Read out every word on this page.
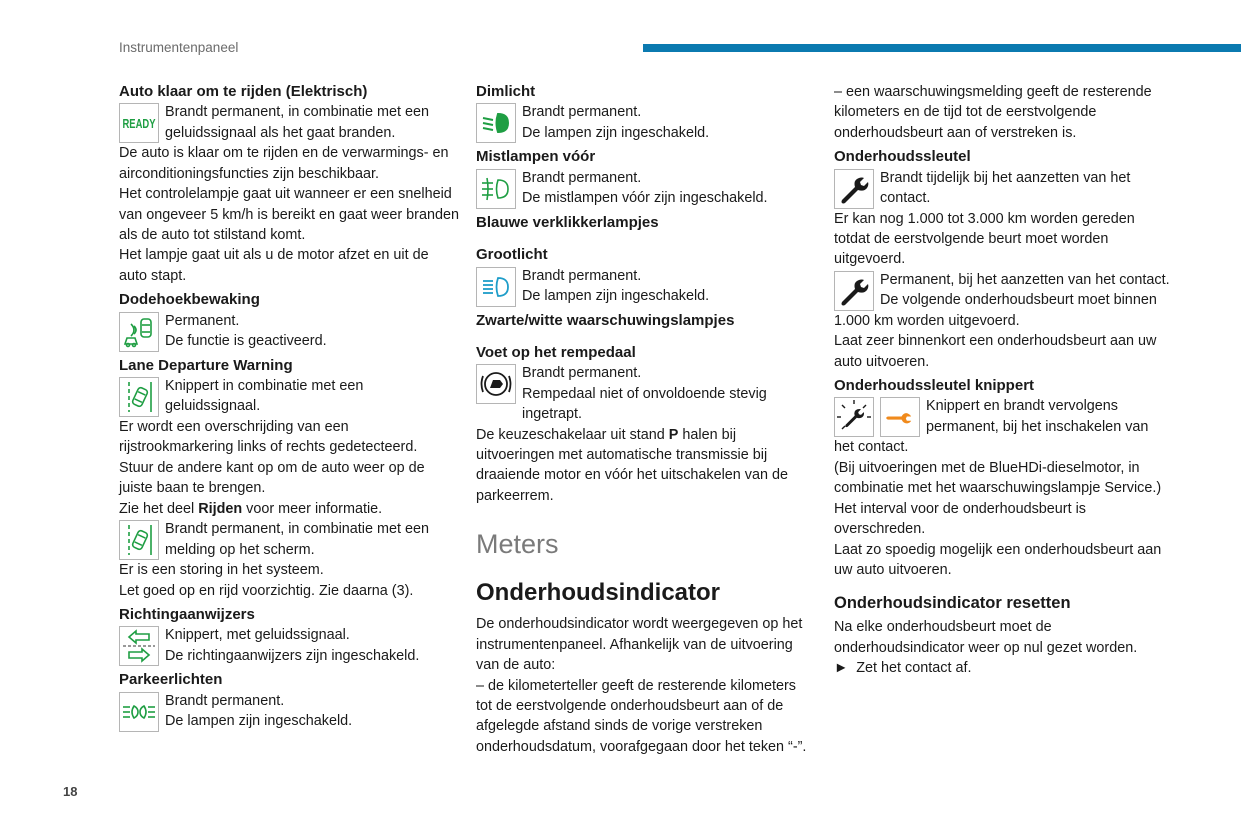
Instrumentenpaneel
Auto klaar om te rijden (Elektrisch)
READY
Brandt permanent, in combinatie met een
geluidssignaal als het gaat branden.
De auto is klaar om te rijden en de verwarmings- en airconditioningsfuncties zijn beschikbaar.
Het controlelampje gaat uit wanneer er een snelheid van ongeveer 5 km/h is bereikt en gaat weer branden als de auto tot stilstand komt.
Het lampje gaat uit als u de motor afzet en uit de auto stapt.
Dodehoekbewaking
Permanent.
De functie is geactiveerd.
Lane Departure Warning
Knippert in combinatie met een
geluidssignaal.
Er wordt een overschrijding van een rijstrookmarkering links of rechts gedetecteerd.
Stuur de andere kant op om de auto weer op de juiste baan te brengen.
Zie het deel Rijden voor meer informatie.
Brandt permanent, in combinatie met een
melding op het scherm.
Er is een storing in het systeem.
Let goed op en rijd voorzichtig. Zie daarna (3).
Richtingaanwijzers
Knippert, met geluidssignaal.
De richtingaanwijzers zijn ingeschakeld.
Parkeerlichten
Brandt permanent.
De lampen zijn ingeschakeld.
Dimlicht
Brandt permanent.
De lampen zijn ingeschakeld.
Mistlampen vóór
Brandt permanent.
De mistlampen vóór zijn ingeschakeld.
Blauwe verklikkerlampjes
Grootlicht
Brandt permanent.
De lampen zijn ingeschakeld.
Zwarte/witte waarschuwingslampjes
Voet op het rempedaal
Brandt permanent.
Rempedaal niet of onvoldoende stevig
ingetrapt.
De keuzeschakelaar uit stand P halen bij uitvoeringen met automatische transmissie bij draaiende motor en vóór het uitschakelen van de parkeerrem.
Meters
Onderhoudsindicator
De onderhoudsindicator wordt weergegeven op het instrumentenpaneel. Afhankelijk van de uitvoering van de auto:
– de kilometerteller geeft de resterende kilometers tot de eerstvolgende onderhoudsbeurt aan of de afgelegde afstand sinds de vorige verstreken onderhoudsdatum, voorafgegaan door het teken “-”.
– een waarschuwingsmelding geeft de resterende kilometers en de tijd tot de eerstvolgende onderhoudsbeurt aan of verstreken is.
Onderhoudssleutel
Brandt tijdelijk bij het aanzetten van het
contact.
Er kan nog 1.000 tot 3.000 km worden gereden totdat de eerstvolgende beurt moet worden uitgevoerd.
Permanent, bij het aanzetten van het contact.
De volgende onderhoudsbeurt moet binnen
1.000 km worden uitgevoerd.
Laat zeer binnenkort een onderhoudsbeurt aan uw auto uitvoeren.
Onderhoudssleutel knippert
Knippert en brandt vervolgens
permanent, bij het inschakelen van
het contact.
(Bij uitvoeringen met de BlueHDi-dieselmotor, in combinatie met het waarschuwingslampje Service.)
Het interval voor de onderhoudsbeurt is overschreden.
Laat zo spoedig mogelijk een onderhoudsbeurt aan uw auto uitvoeren.
Onderhoudsindicator resetten
Na elke onderhoudsbeurt moet de onderhoudsindicator weer op nul gezet worden.
► Zet het contact af.
18
